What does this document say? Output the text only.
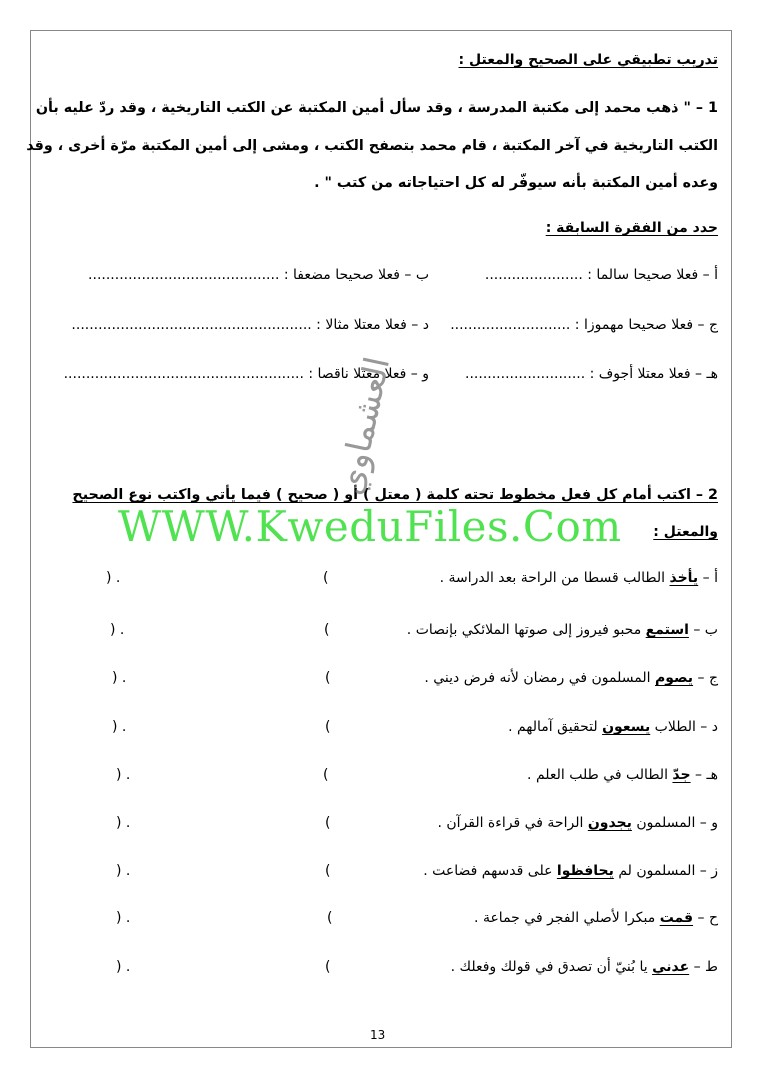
تدريب تطبيقي على الصحيح والمعتل :
1 – " ذهب محمد إلى مكتبة المدرسة ، وقد سأل أمين المكتبة عن الكتب التاريخية ، وقد ردّ عليه بأن
الكتب التاريخية في آخر المكتبة ، قام محمد بتصفح الكتب ، ومشى إلى أمين المكتبة مرّة أخرى ، وقد
وعده أمين المكتبة بأنه سيوفّر له كل احتياجاته من كتب " .
حدد من الفقرة السابقة :
أ – فعلا صحيحا سالما : ......................
ب – فعلا صحيحا مضعفا : ...........................................
ج – فعلا صحيحا مهموزا : ...........................
د – فعلا معتلا مثالا : ......................................................
هـ – فعلا معتلا أجوف : ...........................
و – فعلا معتلا ناقصا : ......................................................
2 – اكتب أمام كل فعل مخطوط تحته كلمة ( معتل ) أو ( صحيح ) فيما يأتي واكتب نوع الصحيح
والمعتل :
WWW.KweduFiles.Com
العشماوي
أ – يأخذ الطالب قسطا من الراحة بعد الدراسة .
(
) .
ب – استمع محبو فيروز إلى صوتها الملائكي بإنصات .
(
) .
ج – يصوم المسلمون في رمضان لأنه فرض ديني .
(
) .
د – الطلاب يسعون لتحقيق آمالهم .
(
) .
هـ – جدّ الطالب في طلب العلم .
(
) .
و – المسلمون يجدون الراحة في قراءة القرآن .
(
) .
ز – المسلمون لم يحافظوا على قدسهم فضاعت .
(
) .
ح – قمت مبكرا لأصلي الفجر في جماعة .
(
) .
ط – عدني يا بُنيّ أن تصدق في قولك وفعلك .
(
) .
13
